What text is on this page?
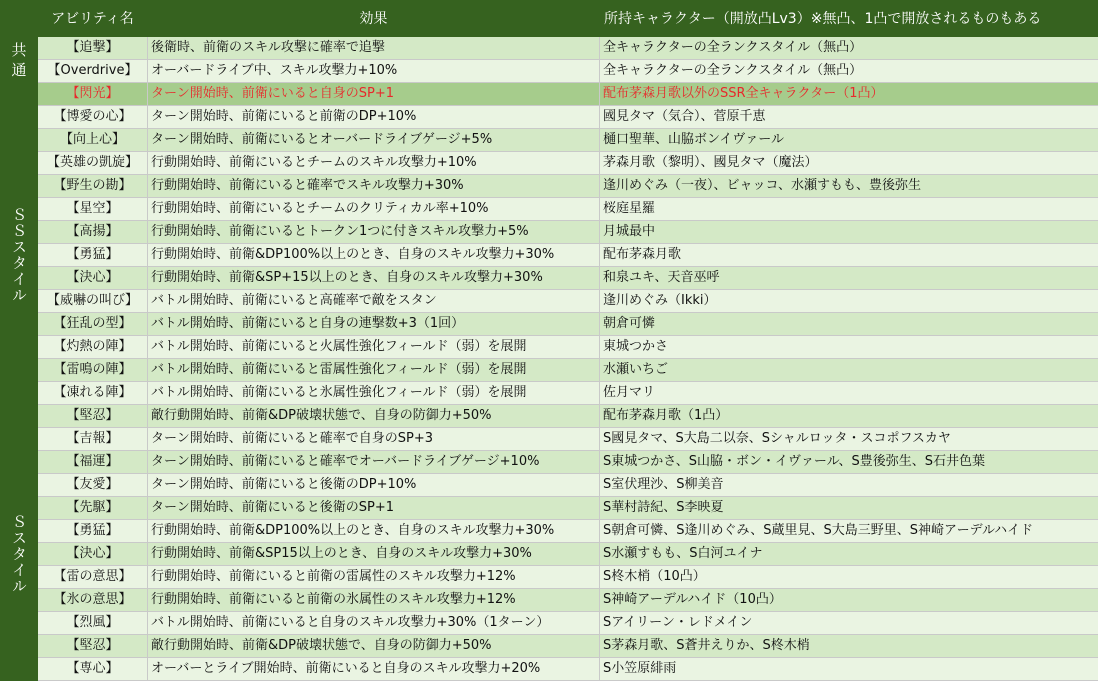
	アビリティ名	効果	所持キャラクター（開放凸Lv3）※無凸、1凸で開放されるものもある

共
通	【追撃】	後衛時、前衛のスキル攻撃に確率で追撃	全キャラクターの全ランクスタイル（無凸）
	【Overdrive】	オーバードライブ中、スキル攻撃力+10%	全キャラクターの全ランクスタイル（無凸）

ＳＳスタイル	【閃光】	ターン開始時、前衛にいると自身のSP+1	配布茅森月歌以外のSSR全キャラクター（1凸）
	【博愛の心】	ターン開始時、前衛にいると前衛のDP+10%	國見タマ（気合）、菅原千恵
	【向上心】	ターン開始時、前衛にいるとオーバードライブゲージ+5%	樋口聖華、山脇ボンイヴァール
	【英雄の凱旋】	行動開始時、前衛にいるとチームのスキル攻撃力+10%	茅森月歌（黎明）、國見タマ（魔法）
	【野生の勘】	行動開始時、前衛にいると確率でスキル攻撃力+30%	逢川めぐみ（一夜）、ビャッコ、水瀬すもも、豊後弥生
	【星空】	行動開始時、前衛にいるとチームのクリティカル率+10%	桜庭星羅
	【高揚】	行動開始時、前衛にいるとトークン1つに付きスキル攻撃力+5%	月城最中
	【勇猛】	行動開始時、前衛&DP100%以上のとき、自身のスキル攻撃力+30%	配布茅森月歌
	【決心】	行動開始時、前衛&SP+15以上のとき、自身のスキル攻撃力+30%	和泉ユキ、天音巫呼
	【威嚇の叫び】	バトル開始時、前衛にいると高確率で敵をスタン	逢川めぐみ（Ikki）
	【狂乱の型】	バトル開始時、前衛にいると自身の連撃数+3（1回）	朝倉可憐
	【灼熱の陣】	バトル開始時、前衛にいると火属性強化フィールド（弱）を展開	東城つかさ
	【雷鳴の陣】	バトル開始時、前衛にいると雷属性強化フィールド（弱）を展開	水瀬いちご
	【凍れる陣】	バトル開始時、前衛にいると氷属性強化フィールド（弱）を展開	佐月マリ
	【堅忍】	敵行動開始時、前衛&DP破壊状態で、自身の防御力+50%	配布茅森月歌（1凸）

Ｓスタイル	【吉報】	ターン開始時、前衛にいると確率で自身のSP+3	S國見タマ、S大島二以奈、Sシャルロッタ・スコポフスカヤ
	【福運】	ターン開始時、前衛にいると確率でオーバードライブゲージ+10%	S東城つかさ、S山脇・ボン・イヴァール、S豊後弥生、S石井色葉
	【友愛】	ターン開始時、前衛にいると後衛のDP+10%	S室伏理沙、S柳美音
	【先駆】	ターン開始時、前衛にいると後衛のSP+1	S華村詩紀、S李映夏
	【勇猛】	行動開始時、前衛&DP100%以上のとき、自身のスキル攻撃力+30%	S朝倉可憐、S逢川めぐみ、S蔵里見、S大島三野里、S神崎アーデルハイド
	【決心】	行動開始時、前衛&SP15以上のとき、自身のスキル攻撃力+30%	S水瀬すもも、S白河ユイナ
	【雷の意思】	行動開始時、前衛にいると前衛の雷属性のスキル攻撃力+12%	S柊木梢（10凸）
	【氷の意思】	行動開始時、前衛にいると前衛の氷属性のスキル攻撃力+12%	S神崎アーデルハイド（10凸）
	【烈風】	バトル開始時、前衛にいると自身のスキル攻撃力+30%（1ターン）	Sアイリーン・レドメイン
	【堅忍】	敵行動開始時、前衛&DP破壊状態で、自身の防御力+50%	S茅森月歌、S蒼井えりか、S柊木梢
	【専心】	オーバーとライブ開始時、前衛にいると自身のスキル攻撃力+20%	S小笠原緋雨
